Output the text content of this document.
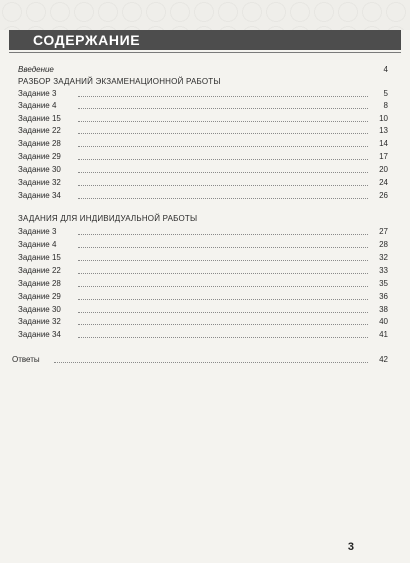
СОДЕРЖАНИЕ
Введение	4
РАЗБОР ЗАДАНИЙ ЭКЗАМЕНАЦИОННОЙ РАБОТЫ
Задание 3	5
Задание 4	8
Задание 15	10
Задание 22	13
Задание 28	14
Задание 29	17
Задание 30	20
Задание 32	24
Задание 34	26
ЗАДАНИЯ ДЛЯ ИНДИВИДУАЛЬНОЙ РАБОТЫ
Задание 3	27
Задание 4	28
Задание 15	32
Задание 22	33
Задание 28	35
Задание 29	36
Задание 30	38
Задание 32	40
Задание 34	41
Ответы	42
3
